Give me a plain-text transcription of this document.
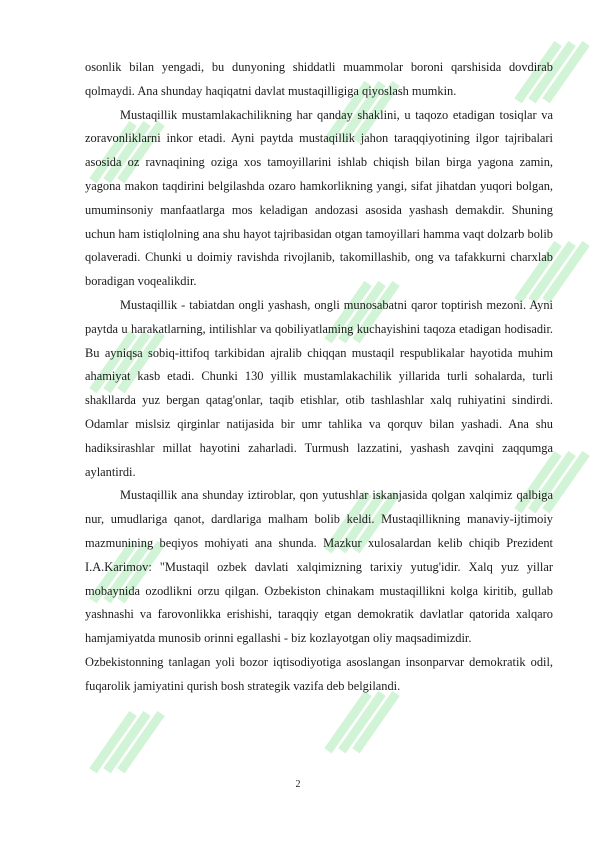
osonlik bilan yengadi, bu dunyoning shiddatli muammolar boroni qarshisida dovdirab qolmaydi. Ana shunday haqiqatni davlat mustaqilligiga qiyoslash mumkin.

Mustaqillik mustamlakachilikning har qanday shaklini, u taqozo etadigan tosiqlar va zoravonliklarni inkor etadi. Ayni paytda mustaqillik jahon taraqqiyotining ilgor tajribalari asosida oz ravnaqining oziga xos tamoyillarini ishlab chiqish bilan birga yagona zamin, yagona makon taqdirini belgilashda ozaro hamkorlikning yangi, sifat jihatdan yuqori bolgan, umuminsoniy manfaatlarga mos keladigan andozasi asosida yashash demakdir. Shuning uchun ham istiqlolning ana shu hayot tajribasidan otgan tamoyillari hamma vaqt dolzarb bolib qolaveradi. Chunki u doimiy ravishda rivojlanib, takomillashib, ong va tafakkurni charxlab boradigan voqealikdir.

Mustaqillik - tabiatdan ongli yashash, ongli munosabatni qaror toptirish mezoni. Ayni paytda u harakatlarning, intilishlar va qobiliyatlaming kuchayishini taqoza etadigan hodisadir. Bu ayniqsa sobiq-ittifoq tarkibidan ajralib chiqqan mustaqil respublikalar hayotida muhim ahamiyat kasb etadi. Chunki 130 yillik mustamlakachilik yillarida turli sohalarda, turli shakllarda yuz bergan qatag'onlar, taqib etishlar, otib tashlashlar xalq ruhiyatini sindirdi. Odamlar mislsiz qirginlar natijasida bir umr tahlika va qorquv bilan yashadi. Ana shu hadiksirashlar millat hayotini zaharladi. Turmush lazzatini, yashash zavqini zaqqumga aylantirdi.

Mustaqillik ana shunday iztiroblar, qon yutushlar iskanjasida qolgan xalqimiz qalbiga nur, umudlariga qanot, dardlariga malham bolib keldi. Mustaqillikning manaviy-ijtimoiy mazmunining beqiyos mohiyati ana shunda. Mazkur xulosalardan kelib chiqib Prezident I.A.Karimov: "Mustaqil ozbek davlati xalqimizning tarixiy yutug'idir. Xalq yuz yillar mobaynida ozodlikni orzu qilgan. Ozbekiston chinakam mustaqillikni kolga kiritib, gullab yashnashi va farovonlikka erishishi, taraqqiy etgan demokratik davlatlar qatorida xalqaro hamjamiyatda munosib orinni egallashi - biz kozlayotgan oliy maqsadimizdir.

Ozbekistonning tanlagan yoli bozor iqtisodiyotiga asoslangan insonparvar demokratik odil, fuqarolik jamiyatini qurish bosh strategik vazifa deb belgilandi.

2
